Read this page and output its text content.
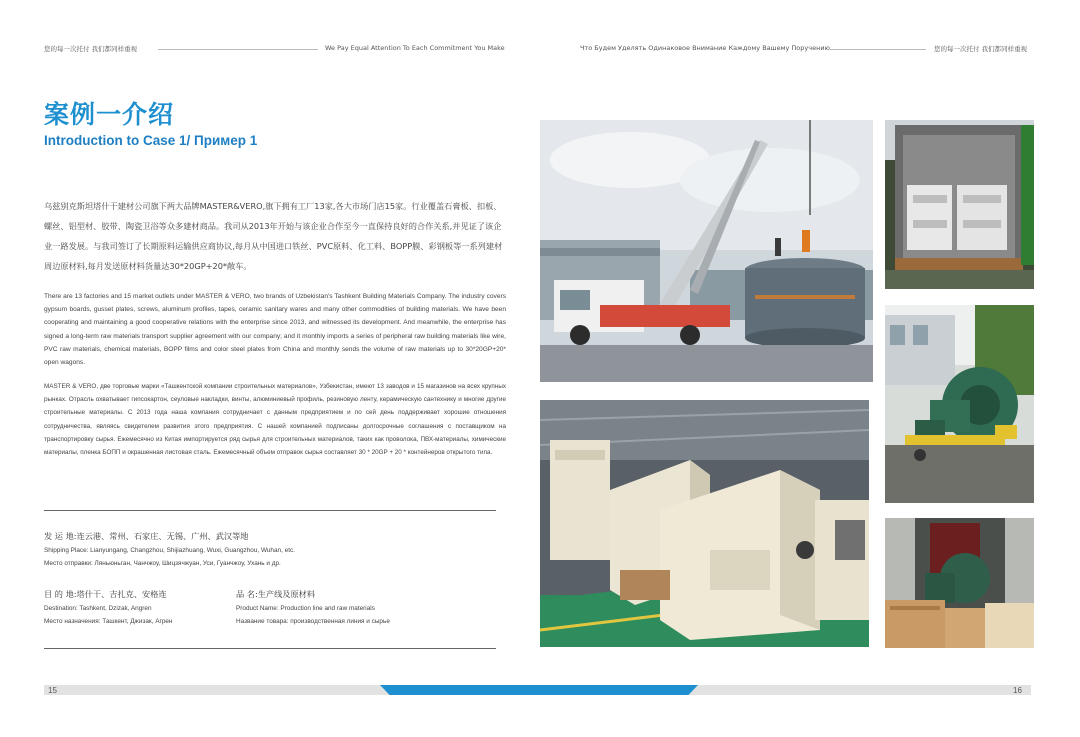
您的每一次托付 我们都同样重视	We Pay Equal Attention To Each Commitment You Make	Что Будем Уделять Одинаковое Внимание Каждому Вашему Поручению	您的每一次托付 我们都同样重视
案例一介绍
Introduction to Case 1/ Пример 1
乌兹别克斯坦塔什干建材公司旗下两大品牌MASTER&VERO,旗下拥有工厂13家,各大市场门店15家。行业覆盖石膏板、扣板、螺丝、铝型材、胶带、陶瓷卫浴等众多建材商品。我司从2013年开始与该企业合作至今一直保持良好的合作关系,并见证了该企业一路发展。与我司签订了长期原料运输供应商协议,每月从中国进口铁丝、PVC原料、化工料、BOPP膜、彩钢板等一系列建材周边原材料,每月发送原材料货量达30*20GP+20*敞车。
There are 13 factories and 15 market outlets under MASTER & VERO, two brands of Uzbekistan's Tashkent Building Materials Company. The industry covers gypsum boards, gusset plates, screws, aluminum profiles, tapes, ceramic sanitary wares and many other commodities of building materials. We have been cooperating and maintaining a good cooperative relations with the enterprise since 2013, and witnessed its development. And meanwhile, the enterprise has signed a long-term raw materials transport supplier agreement with our company; and it monthly imports a series of peripheral raw building materials like wire, PVC raw materials, chemical materials, BOPP films and color steel plates from China and monthly sends the volume of raw materials up to 30*20GP+20* open wagons.
MASTER & VERO, две торговые марки «Ташкентской компании строительных материалов», Узбекистан, имеют 13 заводов и 15 магазинов на всех крупных рынках. Отрасль охватывает гипсокартон, сеуловые накладки, винты, алюминиевый профиль, резиновую ленту, керамическую сантехнику и многие другие строительные материалы. С 2013 года наша компания сотрудничает с данным предприятием и по сей день поддерживает хорошие отношения сотрудничества, являясь свидетелем развития этого предприятия. С нашей компанией подписаны долгосрочные соглашения с поставщиком на транспортировку сырья. Ежемесячно из Китая импортируется ряд сырья для строительных материалов, таких как проволока, ПВХ-материалы, химические материалы, пленка БОПП и окрашенная листовая сталь. Ежемесячный объем отправок сырья составляет 30 * 20GP + 20 * контейнеров открытого типа.
发 运 地:连云港、常州、石家庄、无锡、广州、武汉等地
Shipping Place: Lianyungang, Changzhou, Shijiazhuang, Wuxi, Guangzhou, Wuhan, etc.
Место отправки: Ляньюньган, Чанчжоу, Шицзячжуан, Уси, Гуанчжоу, Ухань и др.
目 的 地:塔什干、吉扎克、安格连
Destination: Tashkent, Dzizak, Angren
Место назначения: Ташкент, Джизак, Агрен
品 名:生产线及原材料
Product Name: Production line and raw materials
Название товара: производственная линия и сырье
15	16
